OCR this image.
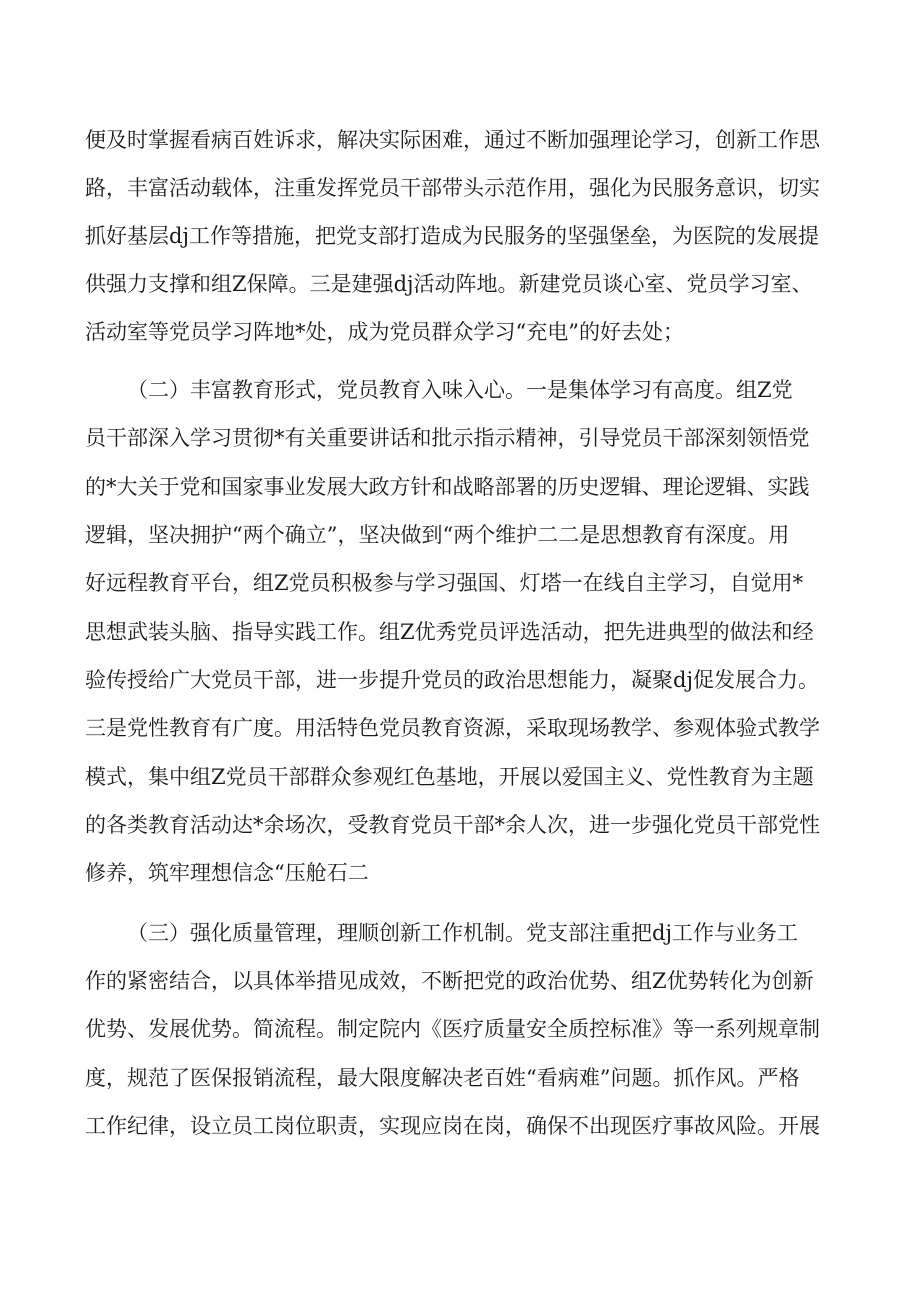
便及时掌握看病百姓诉求，解决实际困难，通过不断加强理论学习，创新工作思
路，丰富活动载体，注重发挥党员干部带头示范作用，强化为民服务意识，切实
抓好基层dj工作等措施，把党支部打造成为民服务的坚强堡垒，为医院的发展提
供强力支撑和组Z保障。三是建强dj活动阵地。新建党员谈心室、党员学习室、
活动室等党员学习阵地*处，成为党员群众学习“充电”的好去处；
（二）丰富教育形式，党员教育入味入心。一是集体学习有高度。组Z党
员干部深入学习贯彻*有关重要讲话和批示指示精神，引导党员干部深刻领悟党
的*大关于党和国家事业发展大政方针和战略部署的历史逻辑、理论逻辑、实践
逻辑，坚决拥护“两个确立”，坚决做到“两个维护二二是思想教育有深度。用
好远程教育平台，组Z党员积极参与学习强国、灯塔一在线自主学习，自觉用*
思想武装头脑、指导实践工作。组Z优秀党员评选活动，把先进典型的做法和经
验传授给广大党员干部，进一步提升党员的政治思想能力，凝聚dj促发展合力。
三是党性教育有广度。用活特色党员教育资源，采取现场教学、参观体验式教学
模式，集中组Z党员干部群众参观红色基地，开展以爱国主义、党性教育为主题
的各类教育活动达*余场次，受教育党员干部*余人次，进一步强化党员干部党性
修养，筑牢理想信念“压舱石二
（三）强化质量管理，理顺创新工作机制。党支部注重把dj工作与业务工
作的紧密结合，以具体举措见成效，不断把党的政治优势、组Z优势转化为创新
优势、发展优势。简流程。制定院内《医疗质量安全质控标准》等一系列规章制
度，规范了医保报销流程，最大限度解决老百姓“看病难”问题。抓作风。严格
工作纪律，设立员工岗位职责，实现应岗在岗，确保不出现医疗事故风险。开展
